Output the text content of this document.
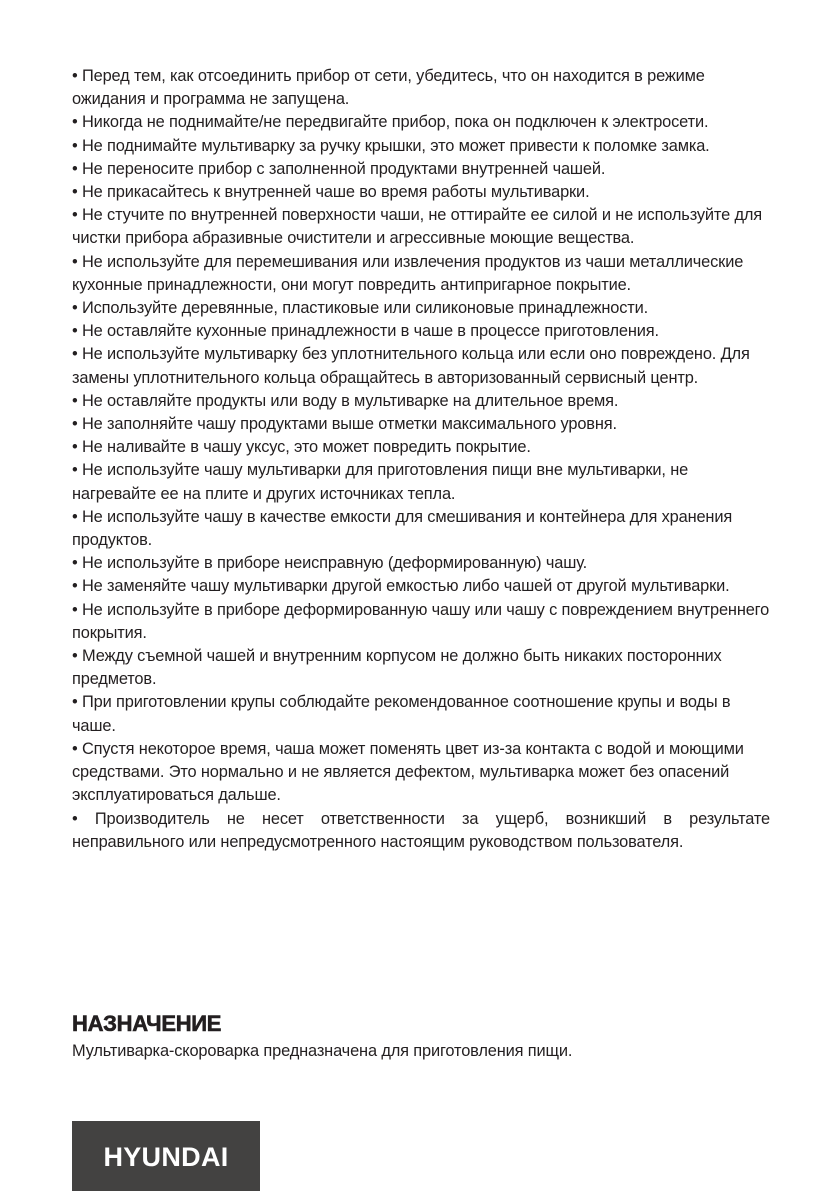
• Перед тем, как отсоединить прибор от сети, убедитесь, что он находится в режиме ожидания и программа не запущена.
• Никогда не поднимайте/не передвигайте прибор, пока он подключен к электросети.
• Не поднимайте мультиварку за ручку крышки, это может привести к поломке замка.
• Не переносите прибор с заполненной продуктами внутренней чашей.
• Не прикасайтесь к внутренней чаше во время работы мультиварки.
• Не стучите по внутренней поверхности чаши, не оттирайте ее силой и не используйте для чистки прибора абразивные очистители и агрессивные моющие вещества.
• Не используйте для перемешивания или извлечения продуктов из чаши металлические кухонные принадлежности, они могут повредить антипригарное покрытие.
• Используйте деревянные, пластиковые или силиконовые принадлежности.
• Не оставляйте кухонные принадлежности в чаше в процессе приготовления.
• Не используйте мультиварку без уплотнительного кольца или если оно повреждено. Для замены уплотнительного кольца обращайтесь в авторизованный сервисный центр.
• Не оставляйте продукты или воду в мультиварке на длительное время.
• Не заполняйте чашу продуктами выше отметки максимального уровня.
• Не наливайте в чашу уксус, это может повредить покрытие.
• Не используйте чашу мультиварки для приготовления пищи вне мультиварки, не нагревайте ее на плите и других источниках тепла.
• Не используйте чашу в качестве емкости для смешивания и контейнера для хранения продуктов.
• Не используйте в приборе неисправную (деформированную) чашу.
• Не заменяйте чашу мультиварки другой емкостью либо чашей от другой мультиварки.
• Не используйте в приборе деформированную чашу или чашу с повреждением внутреннего покрытия.
• Между съемной чашей и внутренним корпусом не должно быть никаких посторонних предметов.
• При приготовлении крупы соблюдайте рекомендованное соотношение крупы и воды в чаше.
• Спустя некоторое время, чаша может поменять цвет из-за контакта с водой и моющими средствами. Это нормально и не является дефектом, мультиварка может без опасений эксплуатироваться дальше.
• Производитель не несет ответственности за ущерб, возникший в результате неправильного или непредусмотренного настоящим руководством пользователя.
НАЗНАЧЕНИЕ

Мультиварка-скороварка предназначена для приготовления пищи.

HYUNDAI
